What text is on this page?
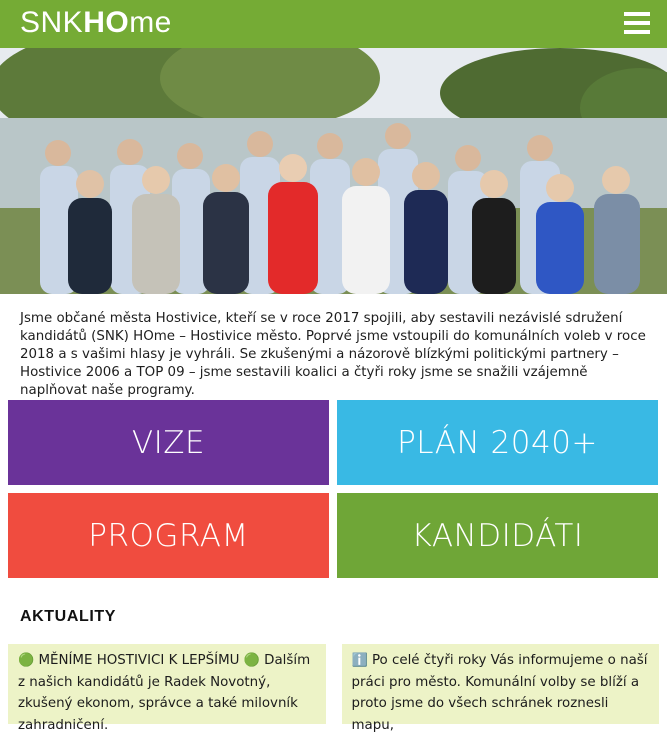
SNK HO me
Jsme občané města Hostivice, kteří se v roce 2017 spojili, aby sestavili nezávislé sdružení kandidátů (SNK) HOme – Hostivice město. Poprvé jsme vstoupili do komunálních voleb v roce 2018 a s vašimi hlasy je vyhráli. Se zkušenými a názorově blízkými politickými partnery – Hostivice 2006 a TOP 09 – jsme sestavili koalici a čtyři roky jsme se snažili vzájemně naplňovat naše programy.
VIZE	PLÁN 2040+
PROGRAM	KANDIDÁTI
AKTUALITY
🟢 MĚNÍME HOSTIVICI K LEPŠÍMU 🟢 Dalším z našich kandidátů je Radek Novotný, zkušený ekonom, správce a také milovník zahradničení.
ℹ️ Po celé čtyři roky Vás informujeme o naší práci pro město. Komunální volby se blíží a proto jsme do všech schránek roznesli mapu,
